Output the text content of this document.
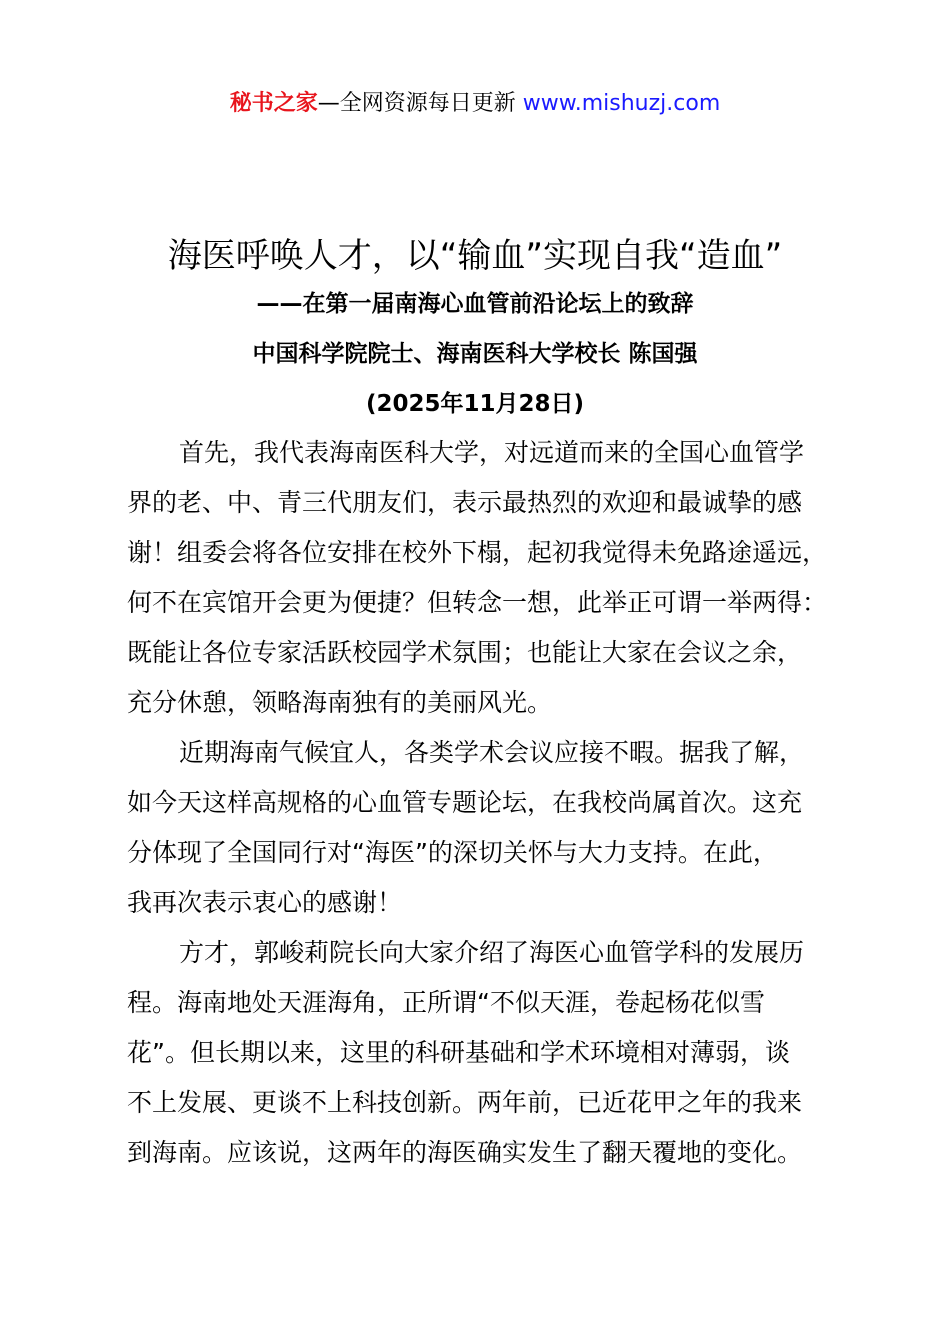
秘书之家—全网资源每日更新 www.mishuzj.com
海医呼唤人才，以“输血”实现自我“造血”
——在第一届南海心血管前沿论坛上的致辞
中国科学院院士、海南医科大学校长 陈国强
(2025年11月28日)
首先，我代表海南医科大学，对远道而来的全国心血管学
界的老、中、青三代朋友们，表示最热烈的欢迎和最诚挚的感
谢！组委会将各位安排在校外下榻，起初我觉得未免路途遥远，
何不在宾馆开会更为便捷？但转念一想，此举正可谓一举两得：
既能让各位专家活跃校园学术氛围；也能让大家在会议之余，
充分休憩，领略海南独有的美丽风光。
近期海南气候宜人，各类学术会议应接不暇。据我了解，
如今天这样高规格的心血管专题论坛，在我校尚属首次。这充
分体现了全国同行对“海医”的深切关怀与大力支持。在此，
我再次表示衷心的感谢！
方才，郭峻莉院长向大家介绍了海医心血管学科的发展历
程。海南地处天涯海角，正所谓“不似天涯，卷起杨花似雪
花”。但长期以来，这里的科研基础和学术环境相对薄弱，谈
不上发展、更谈不上科技创新。两年前，已近花甲之年的我来
到海南。应该说，这两年的海医确实发生了翻天覆地的变化。
